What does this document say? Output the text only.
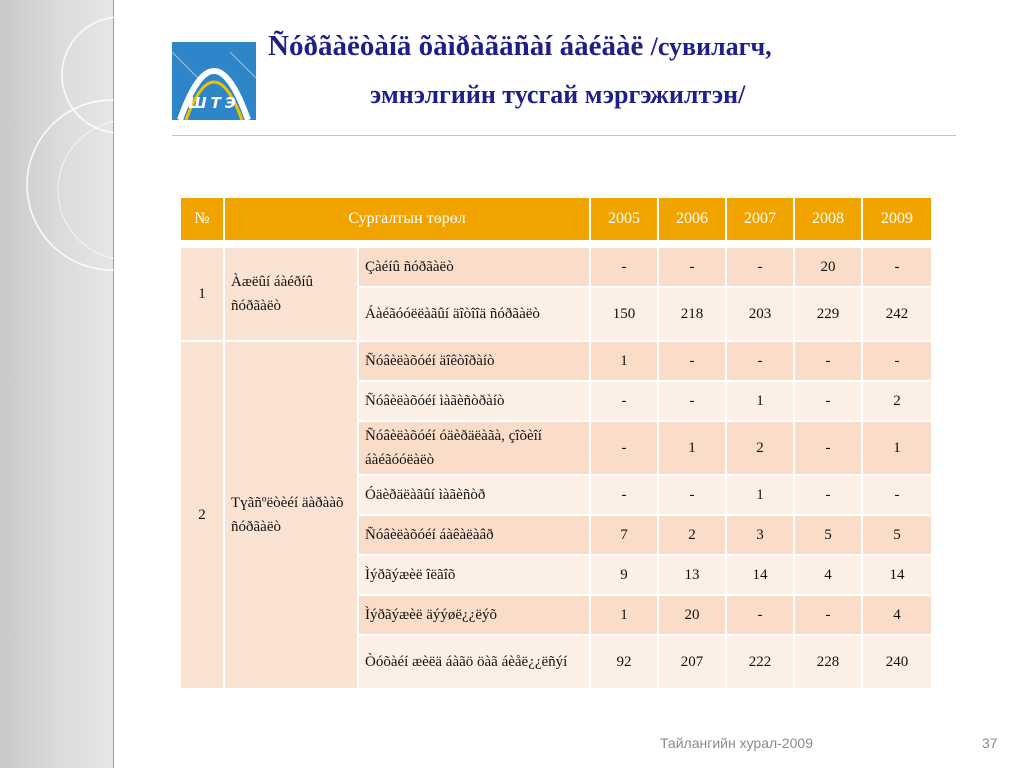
ШТЭ
Ñóðãàëòàíä õàìðàãäñàí áàéäàë /сувилагч,
эмнэлгийн тусгай мэргэжилтэн/
№	Сургалтын төрөл		2005	2006	2007	2008	2009

1	Àæëûí áàéðíû ñóðãàëò	Çàéíû ñóðãàëò	-	-	-	20	-
		Áàéãóóëëàãûí äîòîîä ñóðãàëò	150	218	203	229	242
2	Түãñºëòèéí äàðààõ ñóðãàëò	Ñóâèëàõóéí äîêòîðàíò	1	-	-	-	-
		Ñóâèëàõóéí ìàãèñòðàíò	-	-	1	-	2
		Ñóâèëàõóéí óäèðäëàãà, çîõèîí áàéãóóëàëò	-	1	2	-	1
		Óäèðäëàãûí ìàãèñòð	-	-	1	-	-
		Ñóâèëàõóéí áàêàëàâð	7	2	3	5	5
		Ìýðãýæèë îëãîõ	9	13	14	4	14
		Ìýðãýæèë äýýøë¿¿ëýõ	1	20	-	-	4
		Òóõàéí æèëä áàãö öàã áèåë¿¿ëñýí	92	207	222	228	240
Тайлангийн хурал-2009	37
